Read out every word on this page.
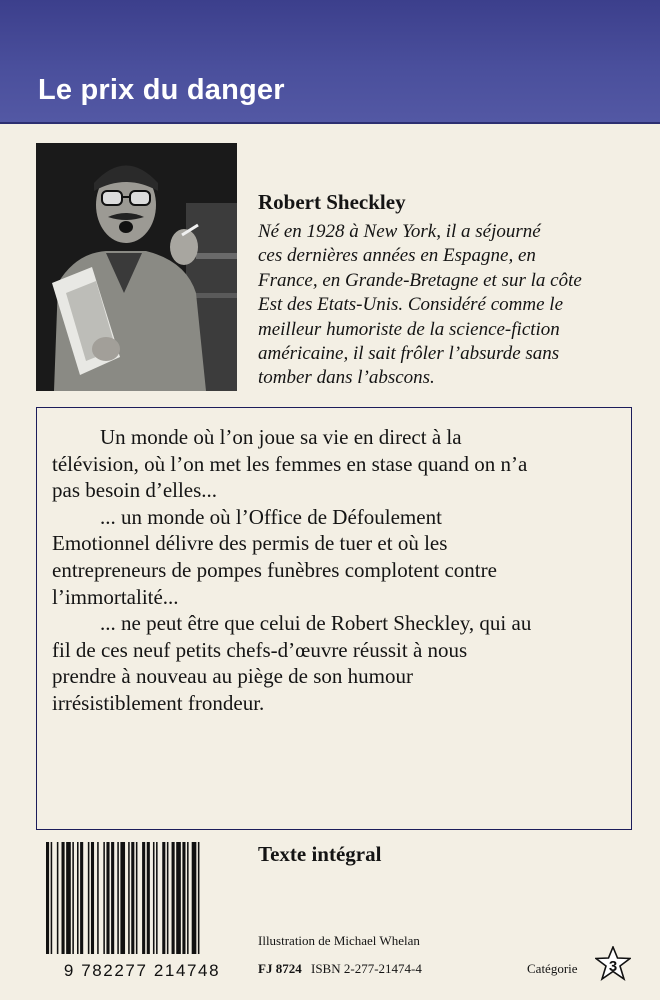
Le prix du danger
Robert Sheckley

Né en 1928 à New York, il a séjourné
ces dernières années en Espagne, en
France, en Grande-Bretagne et sur la côte
Est des Etats-Unis. Considéré comme le
meilleur humoriste de la science-fiction
américaine, il sait frôler l’absurde sans
tomber dans l’abscons.

Un monde où l’on joue sa vie en direct à la
télévision, où l’on met les femmes en stase quand on n’a
pas besoin d’elles...

... un monde où l’Office de Défoulement
Emotionnel délivre des permis de tuer et où les
entrepreneurs de pompes funèbres complotent contre
l’immortalité...

... ne peut être que celui de Robert Sheckley, qui au
fil de ces neuf petits chefs-d’œuvre réussit à nous
prendre à nouveau au piège de son humour
irrésistiblement frondeur.

9 782277 214748
Texte intégral
Illustration de Michael Whelan
FJ 8724 ISBN 2-277-21474-4	Catégorie 3
